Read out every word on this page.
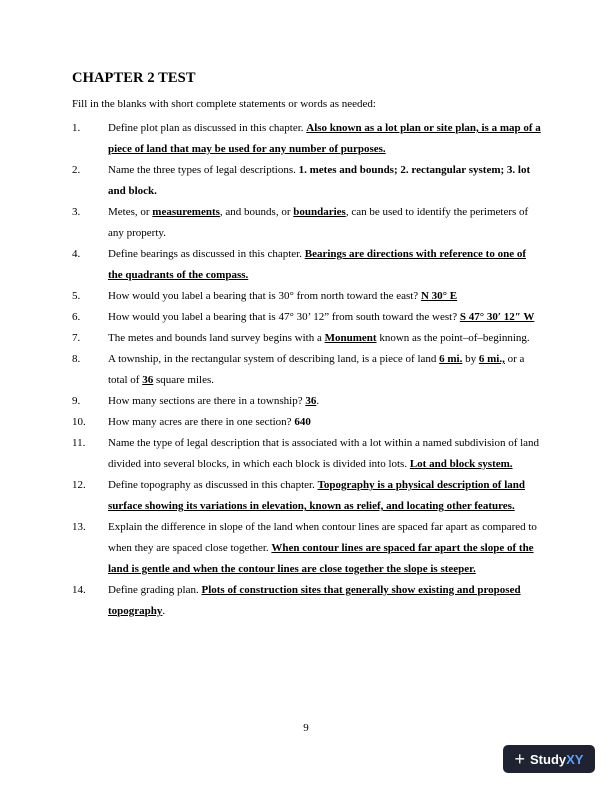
CHAPTER 2 TEST
Fill in the blanks with short complete statements or words as needed:
1.	Define plot plan as discussed in this chapter. Also known as a lot plan or site plan, is a map of a piece of land that may be used for any number of purposes.
2.	Name the three types of legal descriptions. 1. metes and bounds; 2. rectangular system; 3. lot and block.
3.	Metes, or measurements, and bounds, or boundaries, can be used to identify the perimeters of any property.
4.	Define bearings as discussed in this chapter. Bearings are directions with reference to one of the quadrants of the compass.
5.	How would you label a bearing that is 30° from north toward the east? N 30° E
6.	How would you label a bearing that is 47° 30’ 12” from south toward the west? S 47° 30′ 12″ W
7.	The metes and bounds land survey begins with a Monument known as the point–of–beginning.
8.	A township, in the rectangular system of describing land, is a piece of land 6 mi. by 6 mi., or a total of 36 square miles.
9.	How many sections are there in a township? 36.
10. How many acres are there in one section? 640
11. Name the type of legal description that is associated with a lot within a named subdivision of land divided into several blocks, in which each block is divided into lots. Lot and block system.
12. Define topography as discussed in this chapter. Topography is a physical description of land surface showing its variations in elevation, known as relief, and locating other features.
13. Explain the difference in slope of the land when contour lines are spaced far apart as compared to when they are spaced close together. When contour lines are spaced far apart the slope of the land is gentle and when the contour lines are close together the slope is steeper.
14. Define grading plan. Plots of construction sites that generally show existing and proposed topography.
9
+ Study XY
